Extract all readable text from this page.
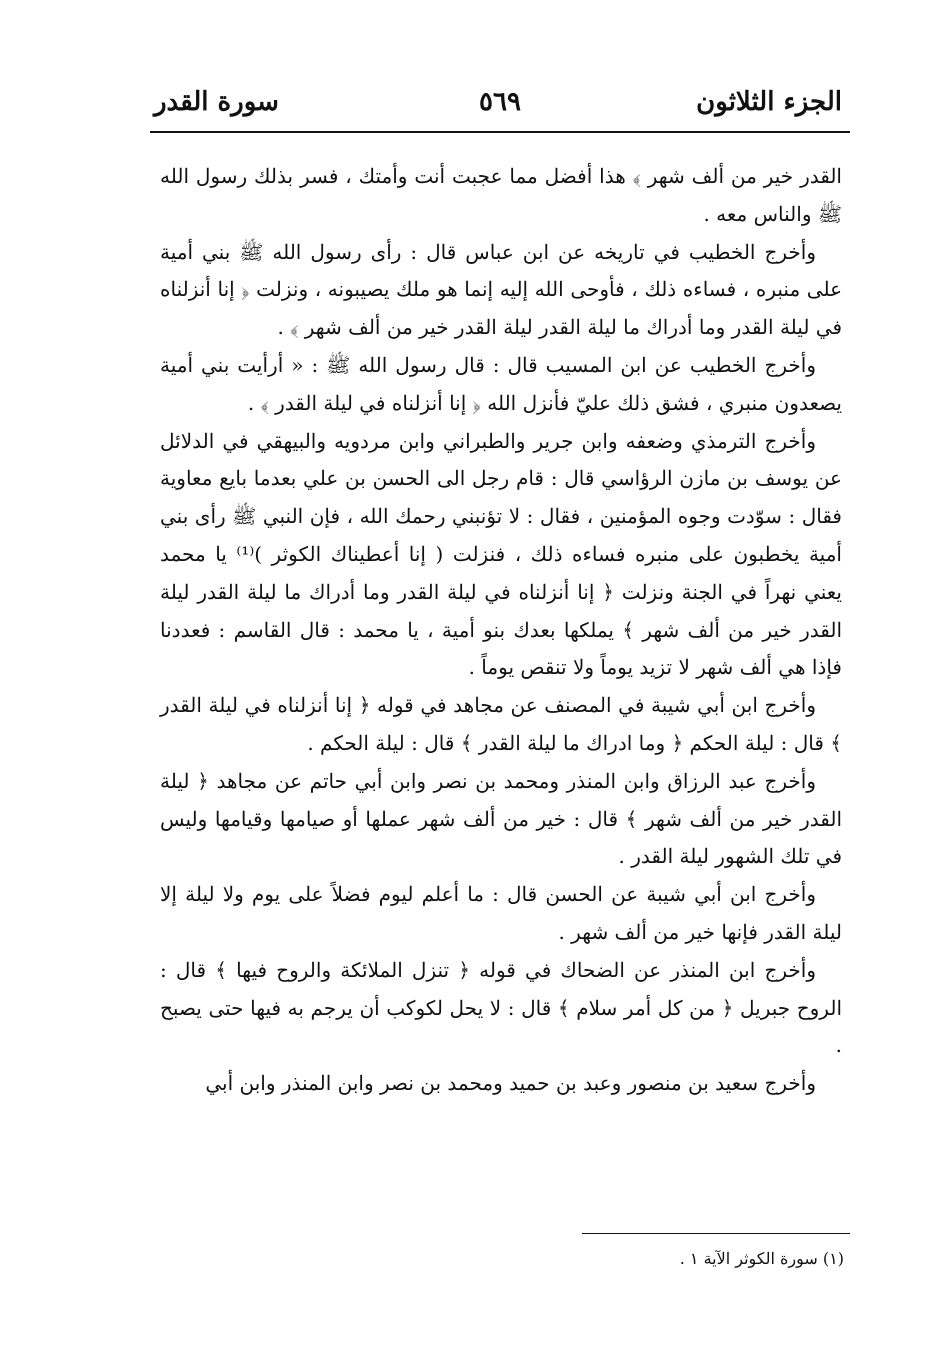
الجزء الثلاثون
٥٦٩
سورة القدر

القدر خير من ألف شهر ﴾ هذا أفضل مما عجبت أنت وأمتك ، فسر بذلك رسول الله ﷺ والناس معه .

وأخرج الخطيب في تاريخه عن ابن عباس قال : رأى رسول الله ﷺ بني أمية على منبره ، فساءه ذلك ، فأوحى الله إليه إنما هو ملك يصيبونه ، ونزلت ﴿ إنا أنزلناه في ليلة القدر وما أدراك ما ليلة القدر ليلة القدر خير من ألف شهر ﴾ .

وأخرج الخطيب عن ابن المسيب قال : قال رسول الله ﷺ : « أرأيت بني أمية يصعدون منبري ، فشق ذلك عليّ فأنزل الله ﴿ إنا أنزلناه في ليلة القدر ﴾ .

وأخرج الترمذي وضعفه وابن جرير والطبراني وابن مردويه والبيهقي في الدلائل عن يوسف بن مازن الرؤاسي قال : قام رجل الى الحسن بن علي بعدما بايع معاوية فقال : سوّدت وجوه المؤمنين ، فقال : لا تؤنبني رحمك الله ، فإن النبي ﷺ رأى بني أمية يخطبون على منبره فساءه ذلك ، فنزلت ( إنا أعطيناك الكوثر )⁽¹⁾ يا محمد يعني نهراً في الجنة ونزلت ﴿ إنا أنزلناه في ليلة القدر وما أدراك ما ليلة القدر ليلة القدر خير من ألف شهر ﴾ يملكها بعدك بنو أمية ، يا محمد : قال القاسم : فعددنا فإذا هي ألف شهر لا تزيد يوماً ولا تنقص يوماً .

وأخرج ابن أبي شيبة في المصنف عن مجاهد في قوله ﴿ إنا أنزلناه في ليلة القدر ﴾ قال : ليلة الحكم ﴿ وما ادراك ما ليلة القدر ﴾ قال : ليلة الحكم .

وأخرج عبد الرزاق وابن المنذر ومحمد بن نصر وابن أبي حاتم عن مجاهد ﴿ ليلة القدر خير من ألف شهر ﴾ قال : خير من ألف شهر عملها أو صيامها وقيامها وليس في تلك الشهور ليلة القدر .

وأخرج ابن أبي شيبة عن الحسن قال : ما أعلم ليوم فضلاً على يوم ولا ليلة إلا ليلة القدر فإنها خير من ألف شهر .

وأخرج ابن المنذر عن الضحاك في قوله ﴿ تنزل الملائكة والروح فيها ﴾ قال : الروح جبريل ﴿ من كل أمر سلام ﴾ قال : لا يحل لكوكب أن يرجم به فيها حتى يصبح .

وأخرج سعيد بن منصور وعبد بن حميد ومحمد بن نصر وابن المنذر وابن أبي

(١) سورة الكوثر الآية ١ .
